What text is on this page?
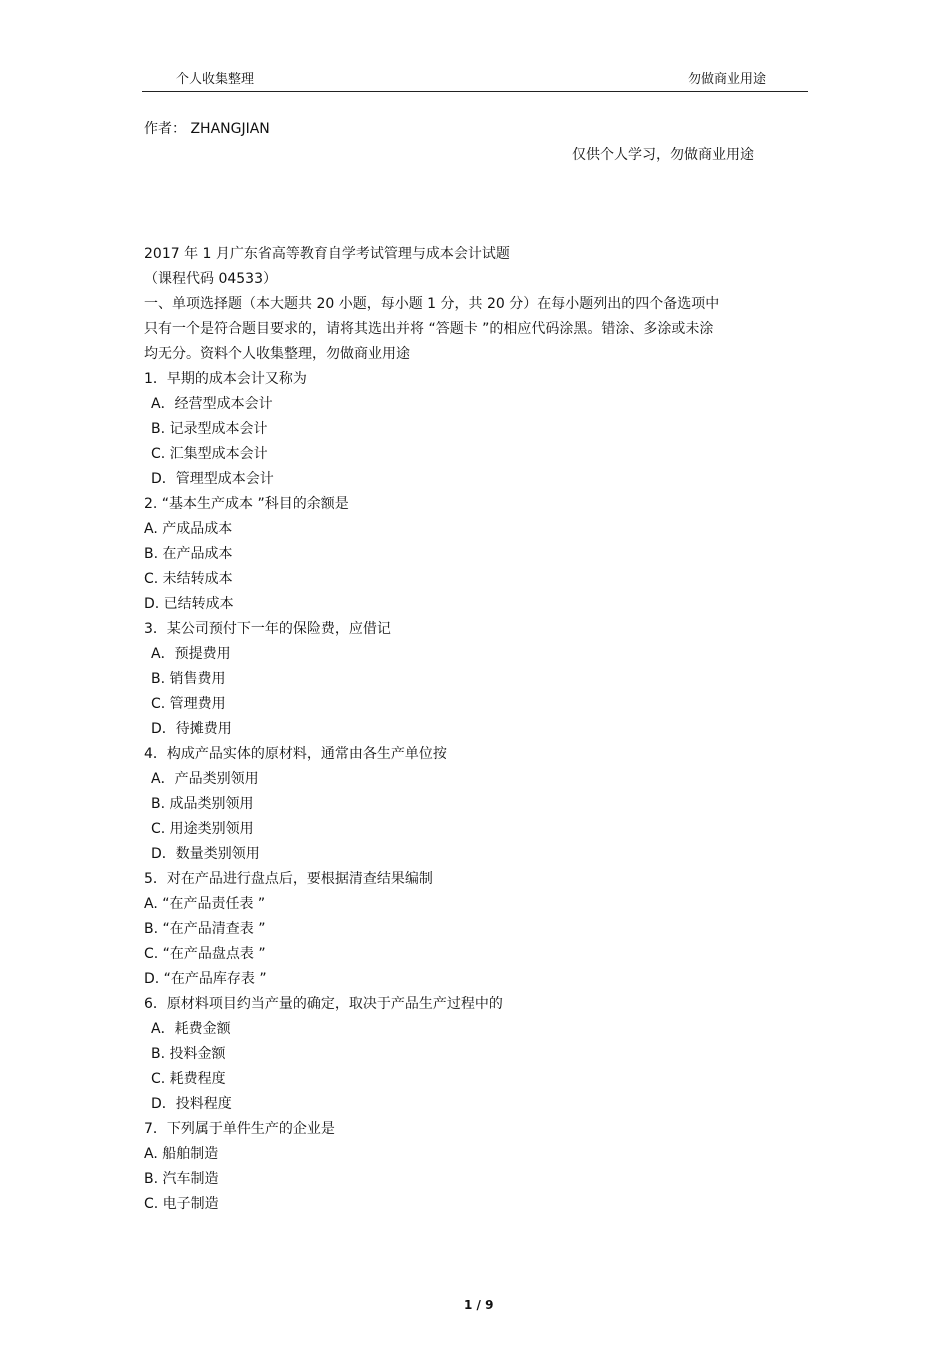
个人收集整理	勿做商业用途
作者： ZHANGJIAN
仅供个人学习，勿做商业用途
2017 年 1 月广东省高等教育自学考试管理与成本会计试题
（课程代码 04533）
一、单项选择题（本大题共 20 小题，每小题 1 分，共 20 分）在每小题列出的四个备选项中
只有一个是符合题目要求的，请将其选出并将 “答题卡 ”的相应代码涂黑。错涂、多涂或未涂
均无分。资料个人收集整理，勿做商业用途
1．早期的成本会计又称为
A．经营型成本会计
B. 记录型成本会计
C. 汇集型成本会计
D．管理型成本会计
2. “基本生产成本 ”科目的余额是
A. 产成品成本
B. 在产品成本
C. 未结转成本
D. 已结转成本
3．某公司预付下一年的保险费，应借记
A．预提费用
B. 销售费用
C. 管理费用
D．待摊费用
4．构成产品实体的原材料，通常由各生产单位按
A．产品类别领用
B. 成品类别领用
C. 用途类别领用
D．数量类别领用
5．对在产品进行盘点后，要根据清查结果编制
A. “在产品责任表 ”
B. “在产品清查表 ”
C. “在产品盘点表 ”
D. “在产品库存表 ”
6．原材料项目约当产量的确定，取决于产品生产过程中的
A．耗费金额
B. 投料金额
C. 耗费程度
D．投料程度
7．下列属于单件生产的企业是
A. 船舶制造
B. 汽车制造
C. 电子制造
1 / 9
